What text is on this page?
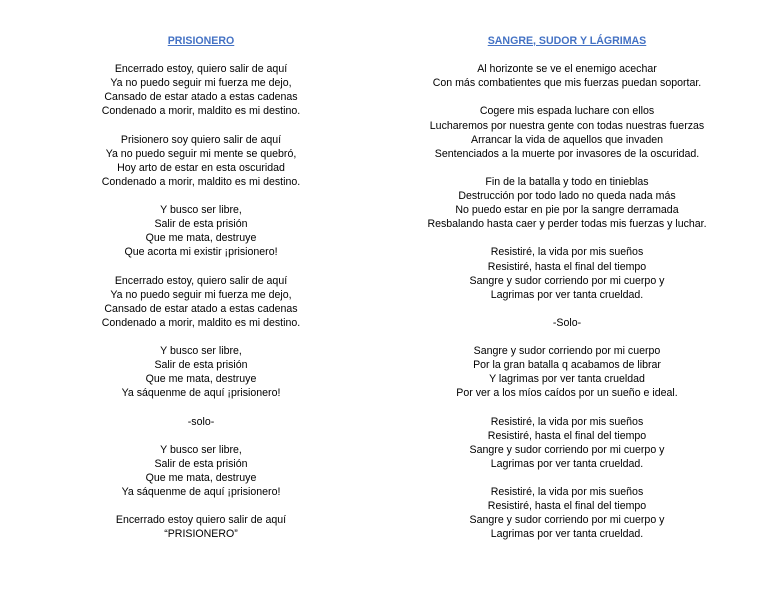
PRISIONERO
Encerrado estoy, quiero salir de aquí
Ya no puedo seguir mi fuerza me dejo,
Cansado de estar atado a estas cadenas
Condenado a morir, maldito es mi destino.
Prisionero soy quiero salir de aquí
Ya no puedo seguir mi mente se quebró,
Hoy arto de estar en esta oscuridad
Condenado a morir, maldito es mi destino.
Y busco ser libre,
Salir de esta prisión
Que me mata, destruye
Que acorta mi existir ¡prisionero!
Encerrado estoy, quiero salir de aquí
Ya no puedo seguir mi fuerza me dejo,
Cansado de estar atado a estas cadenas
Condenado a morir, maldito es mi destino.
Y busco ser libre,
Salir de esta prisión
Que me mata, destruye
Ya sáquenme de aquí ¡prisionero!
-solo-
Y busco ser libre,
Salir de esta prisión
Que me mata, destruye
Ya sáquenme de aquí ¡prisionero!
Encerrado estoy quiero salir de aquí
“PRISIONERO”
SANGRE, SUDOR Y LÁGRIMAS
Al horizonte se ve el enemigo acechar
Con más combatientes que mis fuerzas puedan soportar.
Cogere mis espada luchare con ellos
Lucharemos por nuestra gente con todas nuestras fuerzas
Arrancar la vida de aquellos que invaden
Sentenciados a la muerte por invasores de la oscuridad.
Fin de la batalla y todo en tinieblas
Destrucción por todo lado no queda nada más
No puedo estar en pie por la sangre derramada
Resbalando hasta caer y perder todas mis fuerzas y luchar.
Resistiré, la vida por mis sueños
Resistiré, hasta el final del tiempo
Sangre y sudor corriendo por mi cuerpo y
Lagrimas por ver tanta crueldad.
-Solo-
Sangre y sudor corriendo por mi cuerpo
Por la gran batalla q acabamos de librar
Y lagrimas por ver tanta crueldad
Por ver a los míos caídos por un sueño e ideal.
Resistiré, la vida por mis sueños
Resistiré, hasta el final del tiempo
Sangre y sudor corriendo por mi cuerpo y
Lagrimas por ver tanta crueldad.
Resistiré, la vida por mis sueños
Resistiré, hasta el final del tiempo
Sangre y sudor corriendo por mi cuerpo y
Lagrimas por ver tanta crueldad.
